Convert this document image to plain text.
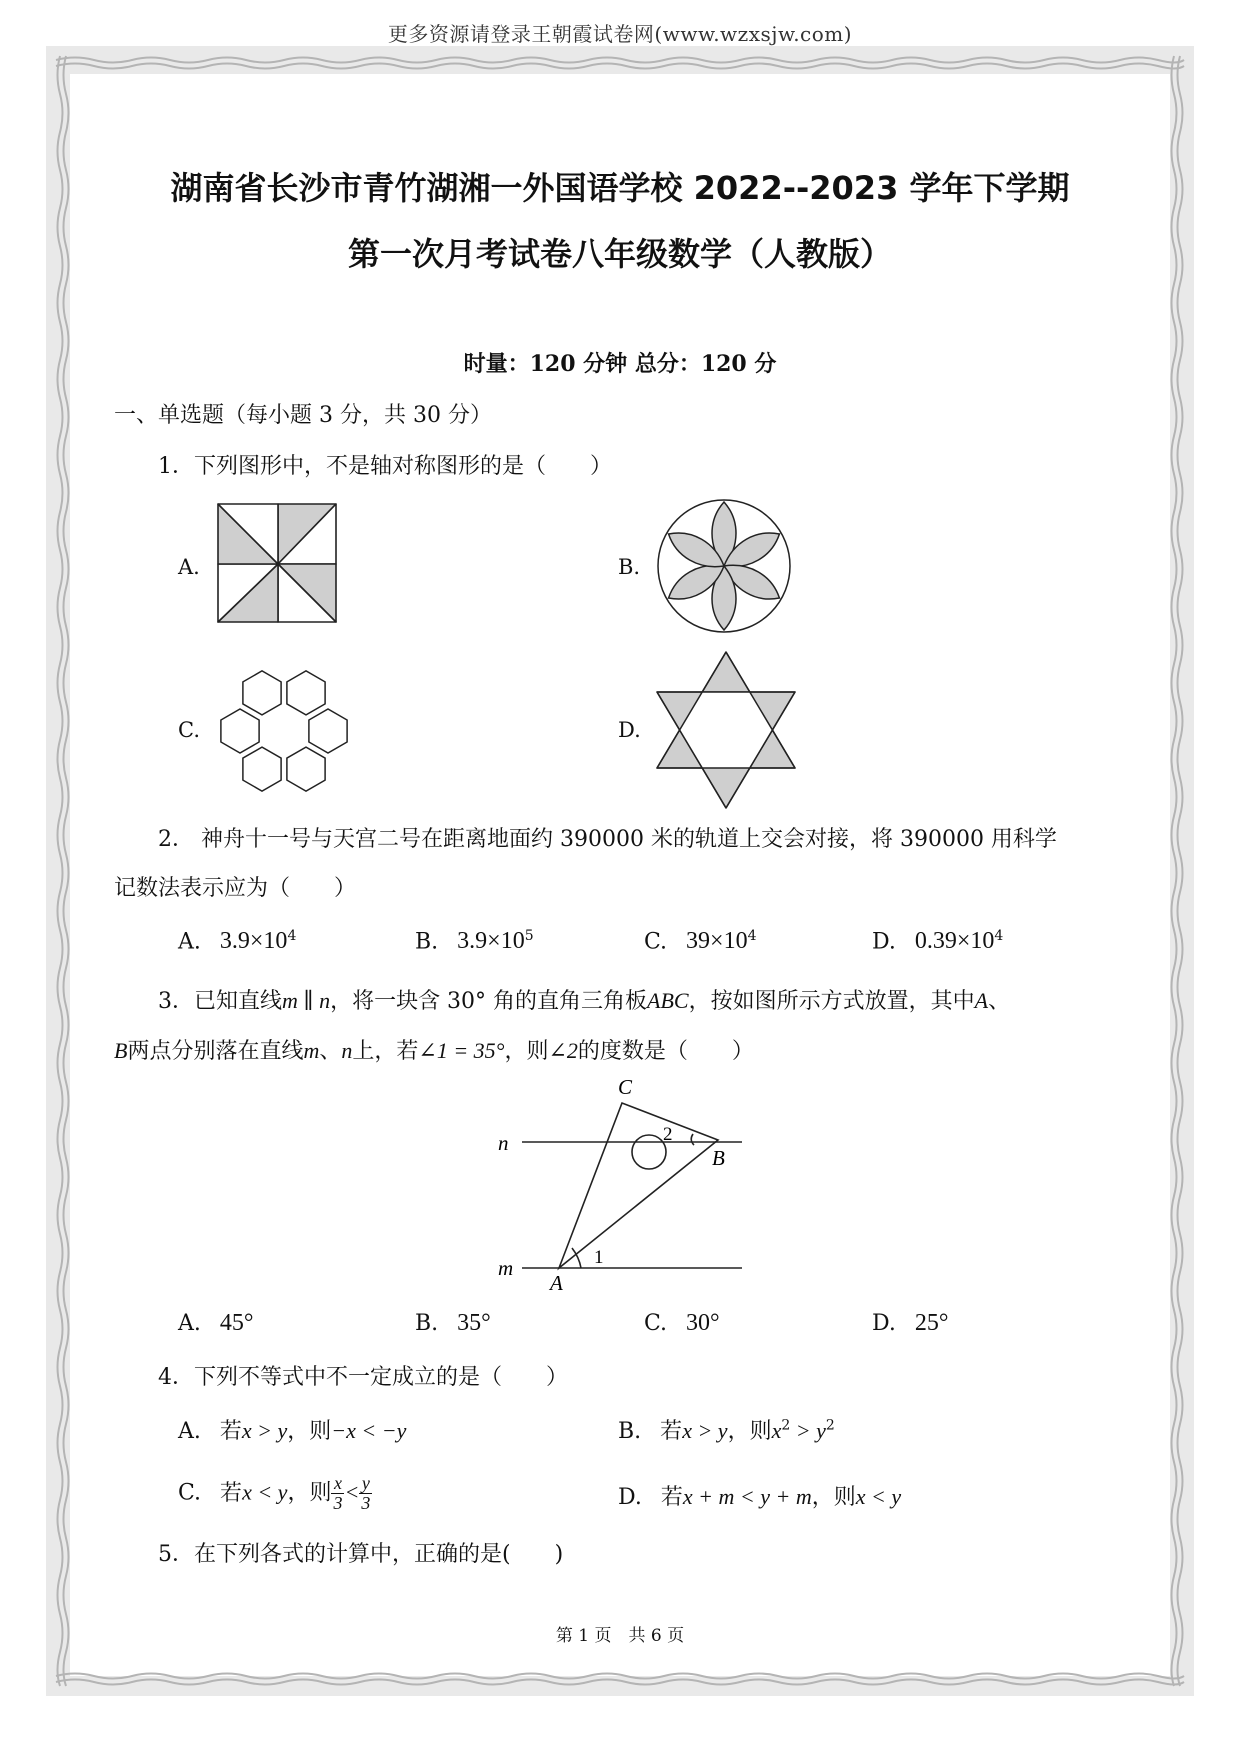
更多资源请登录王朝霞试卷网(www.wzxsjw.com)
湖南省长沙市青竹湖湘一外国语学校 2022--2023 学年下学期
第一次月考试卷八年级数学（人教版）
时量：120 分钟 总分：120 分
一、单选题（每小题 3 分，共 30 分）
1．下列图形中，不是轴对称图形的是（　　）
A.	B.
C.	D.
2． 神舟十一号与天宫二号在距离地面约 390000 米的轨道上交会对接，将 390000 用科学
记数法表示应为（　　）
A. $3.9\times 10^4$	B. $3.9\times 10^5$	C. $39\times 10^4$	D. $0.39\times 10^4$
3．已知直线m ∥ n，将一块含 30° 角的直角三角板ABC，按如图所示方式放置，其中A、
B两点分别落在直线m、n上，若∠1 = 35°，则∠2的度数是（　　）
C
n
B
m
A
1
2
A. 45°	B. 35°	C. 30°	D. 25°
4．下列不等式中不一定成立的是（　　）
A. 若x > y，则−x < −y	B. 若x > y，则$x^2 > y^2$
C. 若x < y，则 $\frac{x}{3} < \frac{y}{3}$	D. 若x + m < y + m，则x < y
5．在下列各式的计算中，正确的是(　　)
第 1 页　共 6 页
